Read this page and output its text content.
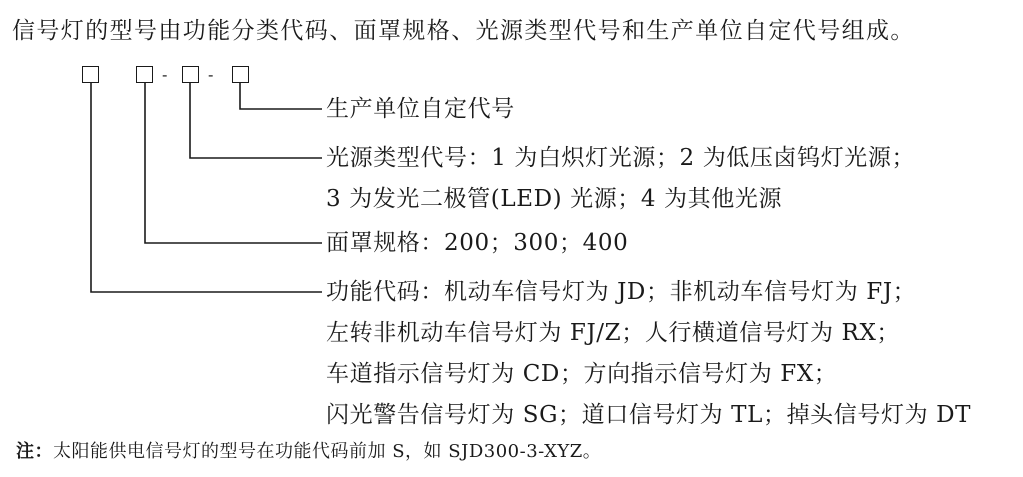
信号灯的型号由功能分类代码、面罩规格、光源类型代号和生产单位自定代号组成。
-	-
生产单位自定代号
光源类型代号：1 为白炽灯光源；2 为低压卤钨灯光源；
3 为发光二极管(LED) 光源；4 为其他光源
面罩规格：200；300；400
功能代码：机动车信号灯为 JD；非机动车信号灯为 FJ；
左转非机动车信号灯为 FJ/Z；人行横道信号灯为 RX；
车道指示信号灯为 CD；方向指示信号灯为 FX；
闪光警告信号灯为 SG；道口信号灯为 TL；掉头信号灯为 DT
注：太阳能供电信号灯的型号在功能代码前加 S，如 SJD300-3-XYZ。
